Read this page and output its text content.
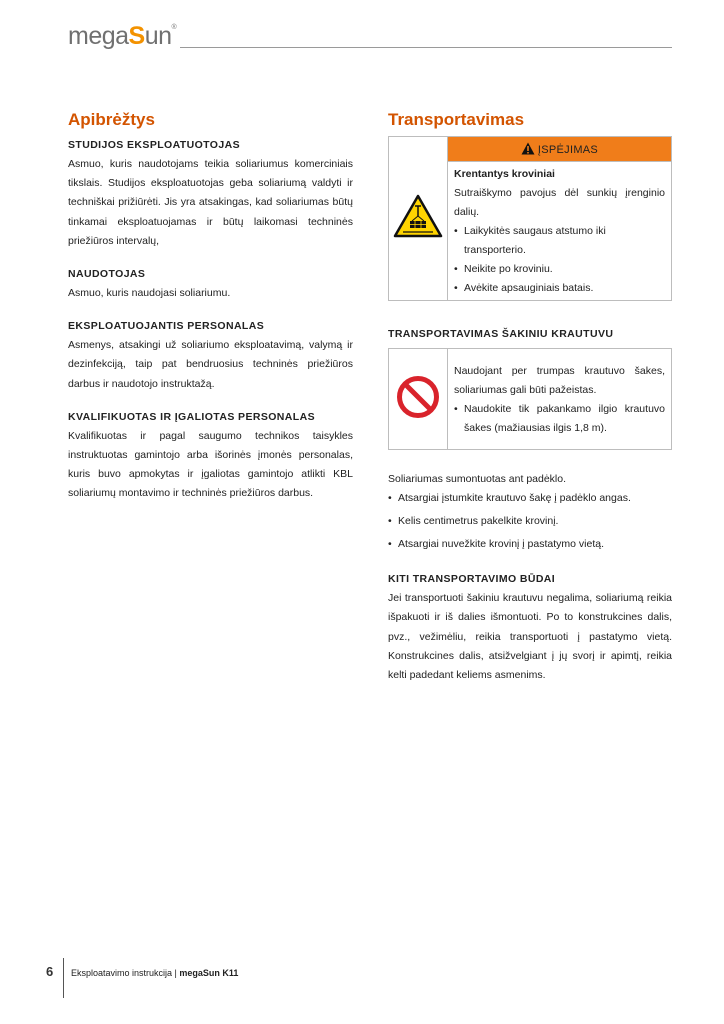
megaSun®
Apibrėžtys
STUDIJOS EKSPLOATUOTOJAS

Asmuo, kuris naudotojams teikia soliariumus komerciniais tikslais. Studijos eksploatuotojas geba soliariumą valdyti ir techniškai prižiūrėti. Jis yra atsakingas, kad soliariumas būtų tinkamai eksploatuojamas ir būtų laikomasi techninės priežiūros intervalų,

NAUDOTOJAS

Asmuo, kuris naudojasi soliariumu.

EKSPLOATUOJANTIS PERSONALAS

Asmenys, atsakingi už soliariumo eksploatavimą, valymą ir dezinfekciją, taip pat bendruosius techninės priežiūros darbus ir naudotojo instruktažą.

KVALIFIKUOTAS IR ĮGALIOTAS PERSONALAS

Kvalifikuotas ir pagal saugumo technikos taisykles instruktuotas gamintojo arba išorinės įmonės personalas, kuris buvo apmokytas ir įgaliotas gamintojo atlikti KBL soliariumų montavimo ir techninės priežiūros darbus.

Transportavimas
	ĮSPĖJIMAS

Krentantys kroviniai
Sutraiškymo pavojus dėl sunkių įrenginio dalių.
• Laikykitės saugaus atstumo iki transporterio.
• Neikite po kroviniu.
• Avėkite apsauginiais batais.
TRANSPORTAVIMAS ŠAKINIU KRAUTUVU

Naudojant per trumpas krautuvo šakes, soliariumas gali būti pažeistas.
• Naudokite tik pakankamo ilgio krautuvo šakes (mažiausias ilgis 1,8 m).

Soliariumas sumontuotas ant padėklo.

• Atsargiai įstumkite krautuvo šakę į padėklo angas.
• Kelis centimetrus pakelkite krovinį.
• Atsargiai nuvežkite krovinį į pastatymo vietą.
KITI TRANSPORTAVIMO BŪDAI

Jei transportuoti šakiniu krautuvu negalima, soliariumą reikia išpakuoti ir iš dalies išmontuoti. Po to konstrukcines dalis, pvz., vežimėliu, reikia transportuoti į pastatymo vietą. Konstrukcines dalis, atsižvelgiant į jų svorį ir apimtį, reikia kelti padedant keliems asmenims.

6 Eksploatavimo instrukcija | megaSun K11
